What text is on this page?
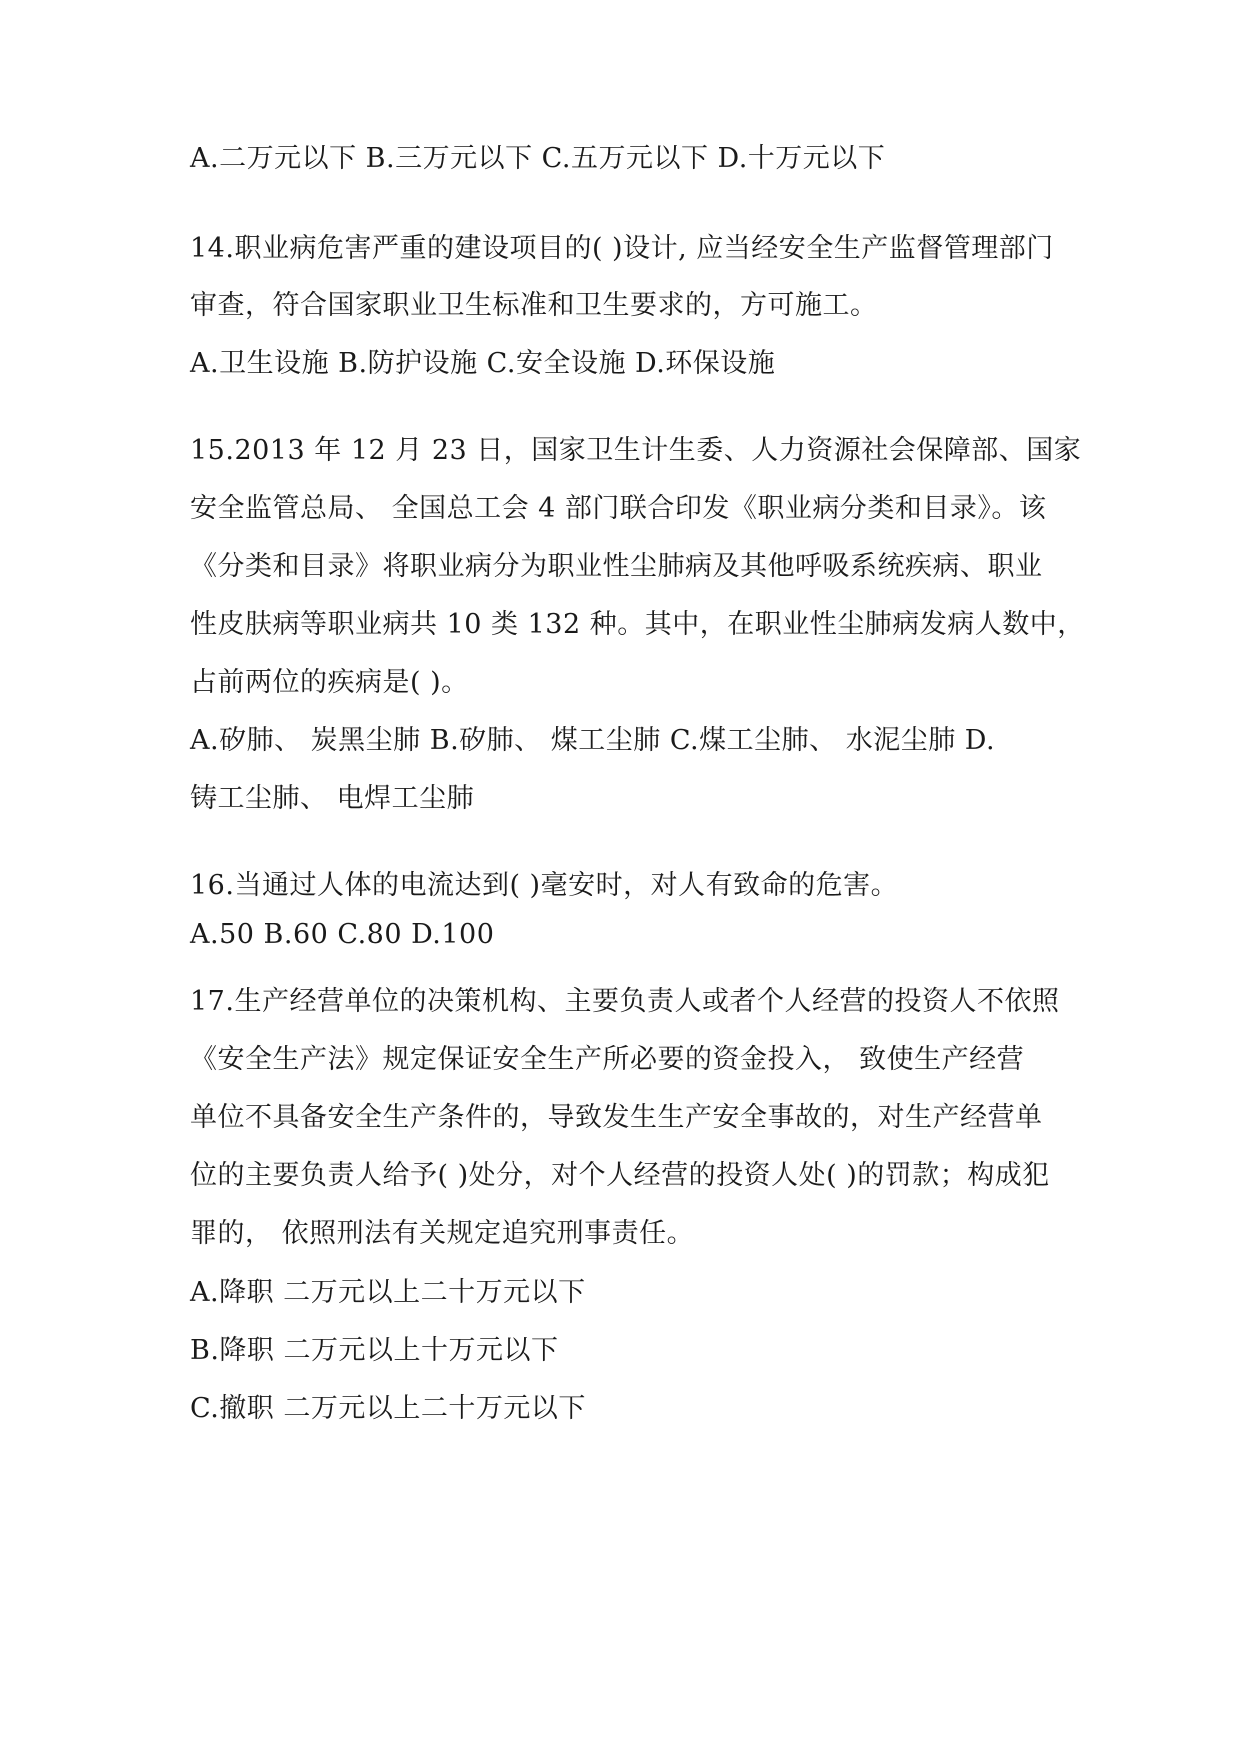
A.二万元以下 B.三万元以下 C.五万元以下 D.十万元以下
14.职业病危害严重的建设项目的( )设计, 应当经安全生产监督管理部门
审查，符合国家职业卫生标准和卫生要求的，方可施工。
A.卫生设施 B.防护设施 C.安全设施 D.环保设施
15.2013 年 12 月 23 日，国家卫生计生委、人力资源社会保障部、国家
安全监管总局、 全国总工会 4 部门联合印发《职业病分类和目录》。该
《分类和目录》将职业病分为职业性尘肺病及其他呼吸系统疾病、职业
性皮肤病等职业病共 10 类 132 种。其中，在职业性尘肺病发病人数中，
占前两位的疾病是( )。
A.矽肺、 炭黑尘肺 B.矽肺、 煤工尘肺 C.煤工尘肺、 水泥尘肺 D.
铸工尘肺、 电焊工尘肺
16.当通过人体的电流达到( )毫安时，对人有致命的危害。
A.50 B.60 C.80 D.100
17.生产经营单位的决策机构、主要负责人或者个人经营的投资人不依照
《安全生产法》规定保证安全生产所必要的资金投入， 致使生产经营
单位不具备安全生产条件的，导致发生生产安全事故的，对生产经营单
位的主要负责人给予( )处分，对个人经营的投资人处( )的罚款；构成犯
罪的， 依照刑法有关规定追究刑事责任。
A.降职 二万元以上二十万元以下
B.降职 二万元以上十万元以下
C.撤职 二万元以上二十万元以下
